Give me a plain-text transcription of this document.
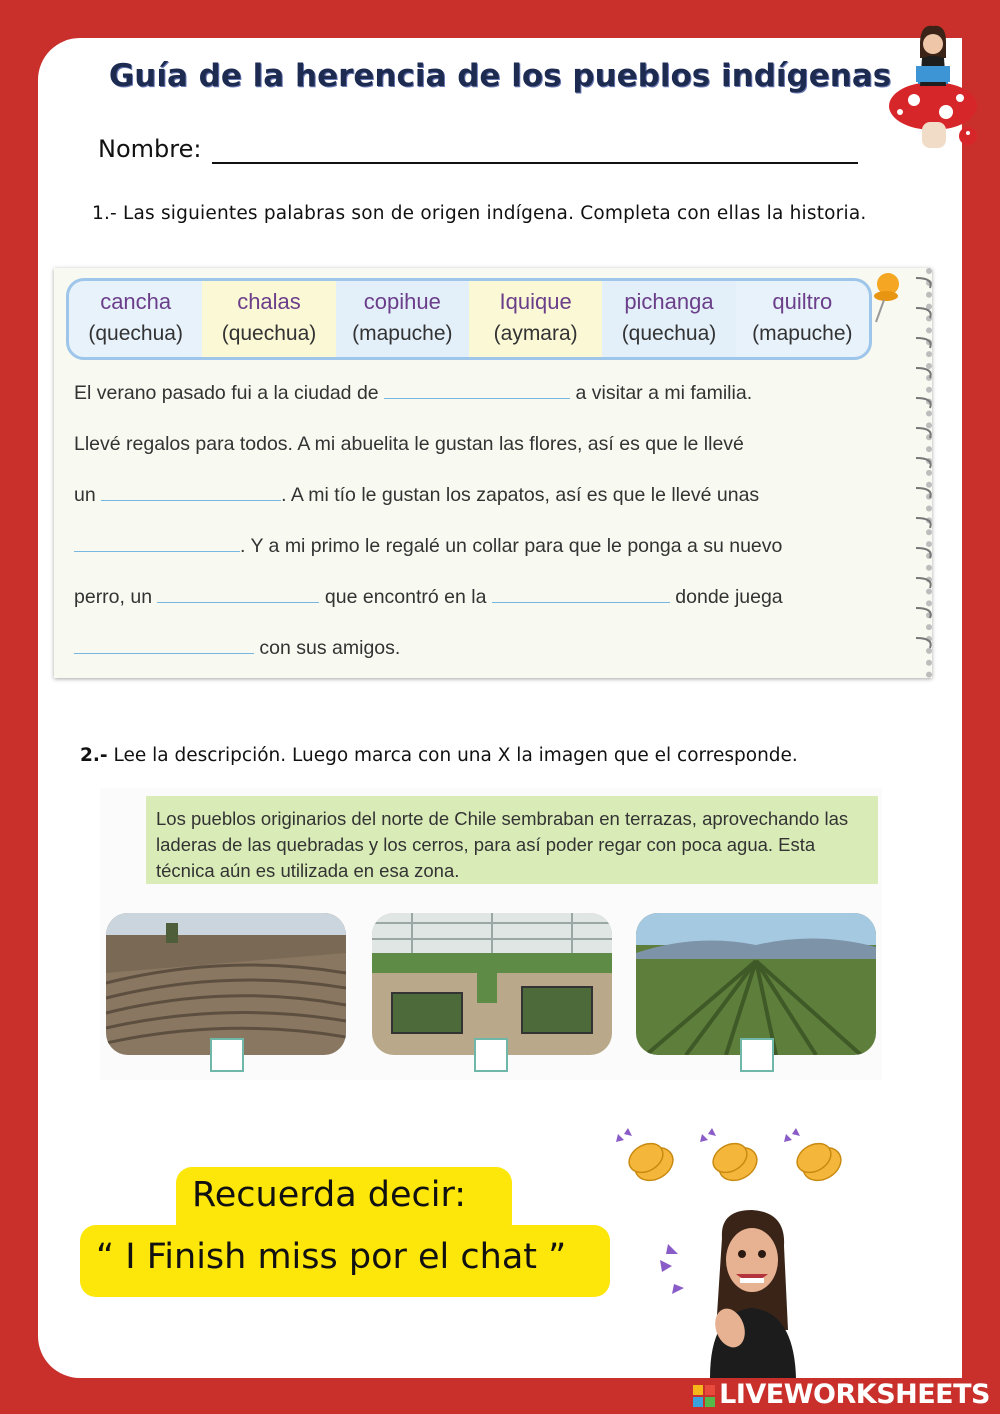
Guía de la herencia de los pueblos indígenas
Nombre:
1.- Las siguientes palabras son de origen indígena. Completa con ellas la historia.
cancha
(quechua)
chalas
(quechua)
copihue
(mapuche)
Iquique
(aymara)
pichanga
(quechua)
quiltro
(mapuche)
El verano pasado fui a la ciudad de	a visitar a mi familia.
Llevé regalos para todos. A mi abuelita le gustan las flores, así es que le llevé
un	. A mi tío le gustan los zapatos, así es que le llevé unas
. Y a mi primo le regalé un collar para que le ponga a su nuevo
perro, un	que encontró en la	donde juega
con sus amigos.
2.- Lee la descripción. Luego marca con una X la imagen que el corresponde.
Los pueblos originarios del norte de Chile sembraban en terrazas, aprovechando las laderas de las quebradas y los cerros, para así poder regar con poca agua. Esta técnica aún es utilizada en esa zona.
Recuerda decir:
“ I Finish miss por el chat ”
LIVEWORKSHEETS
